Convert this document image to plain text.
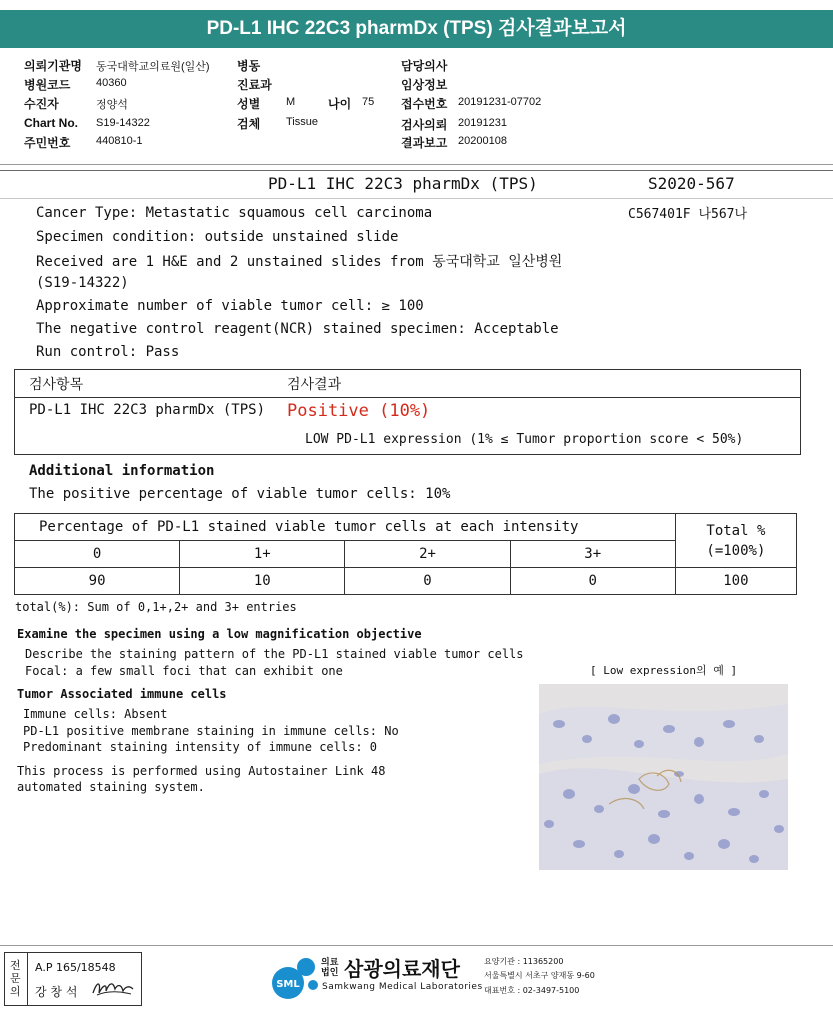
PD-L1 IHC 22C3 pharmDx (TPS) 검사결과보고서
의뢰기관명 동국대학교의료원(일산)
병원코드 40360
수진자	정양석
Chart No. S19-14322
주민번호 440810-1
병동
진료과
성별 M	나이 75
검체 Tissue
담당의사
임상정보
접수번호 20191231-07702
검사의뢰 20191231
결과보고 20200108
PD-L1 IHC 22C3 pharmDx (TPS)	S2020-567
C567401F 나567나
Cancer Type: Metastatic squamous cell carcinoma
Specimen condition: outside unstained slide
Received are 1 H&E and 2 unstained slides from 동국대학교 일산병원
(S19-14322)
Approximate number of viable tumor cell: ≥ 100
The negative control reagent(NCR) stained specimen: Acceptable
Run control: Pass
검사항목	검사결과
PD-L1 IHC 22C3 pharmDx (TPS) Positive (10%)
LOW PD-L1 expression (1% ≤ Tumor proportion score < 50%)
Additional information
The positive percentage of viable tumor cells: 10%
Percentage of PD-L1 stained viable tumor cells at each intensity				Total %
(=100%)
0	1+	2+	3+	
90	10	0	0	100
total(%): Sum of 0,1+,2+ and 3+ entries
Examine the specimen using a low magnification objective
Describe the staining pattern of the PD-L1 stained viable tumor cells
Focal: a few small foci that can exhibit one	[ Low expression의 예 ]
Tumor Associated immune cells
Immune cells: Absent
PD-L1 positive membrane staining in immune cells: No
Predominant staining intensity of immune cells: 0
This process is performed using Autostainer Link 48
automated staining system.
전문의
A.P 165/18548
강 창 석
SML
의료
법인 삼광의료재단
Samkwang Medical Laboratories
요양기관 : 11365200
서울특별시 서초구 양재동 9-60
대표번호 : 02-3497-5100
